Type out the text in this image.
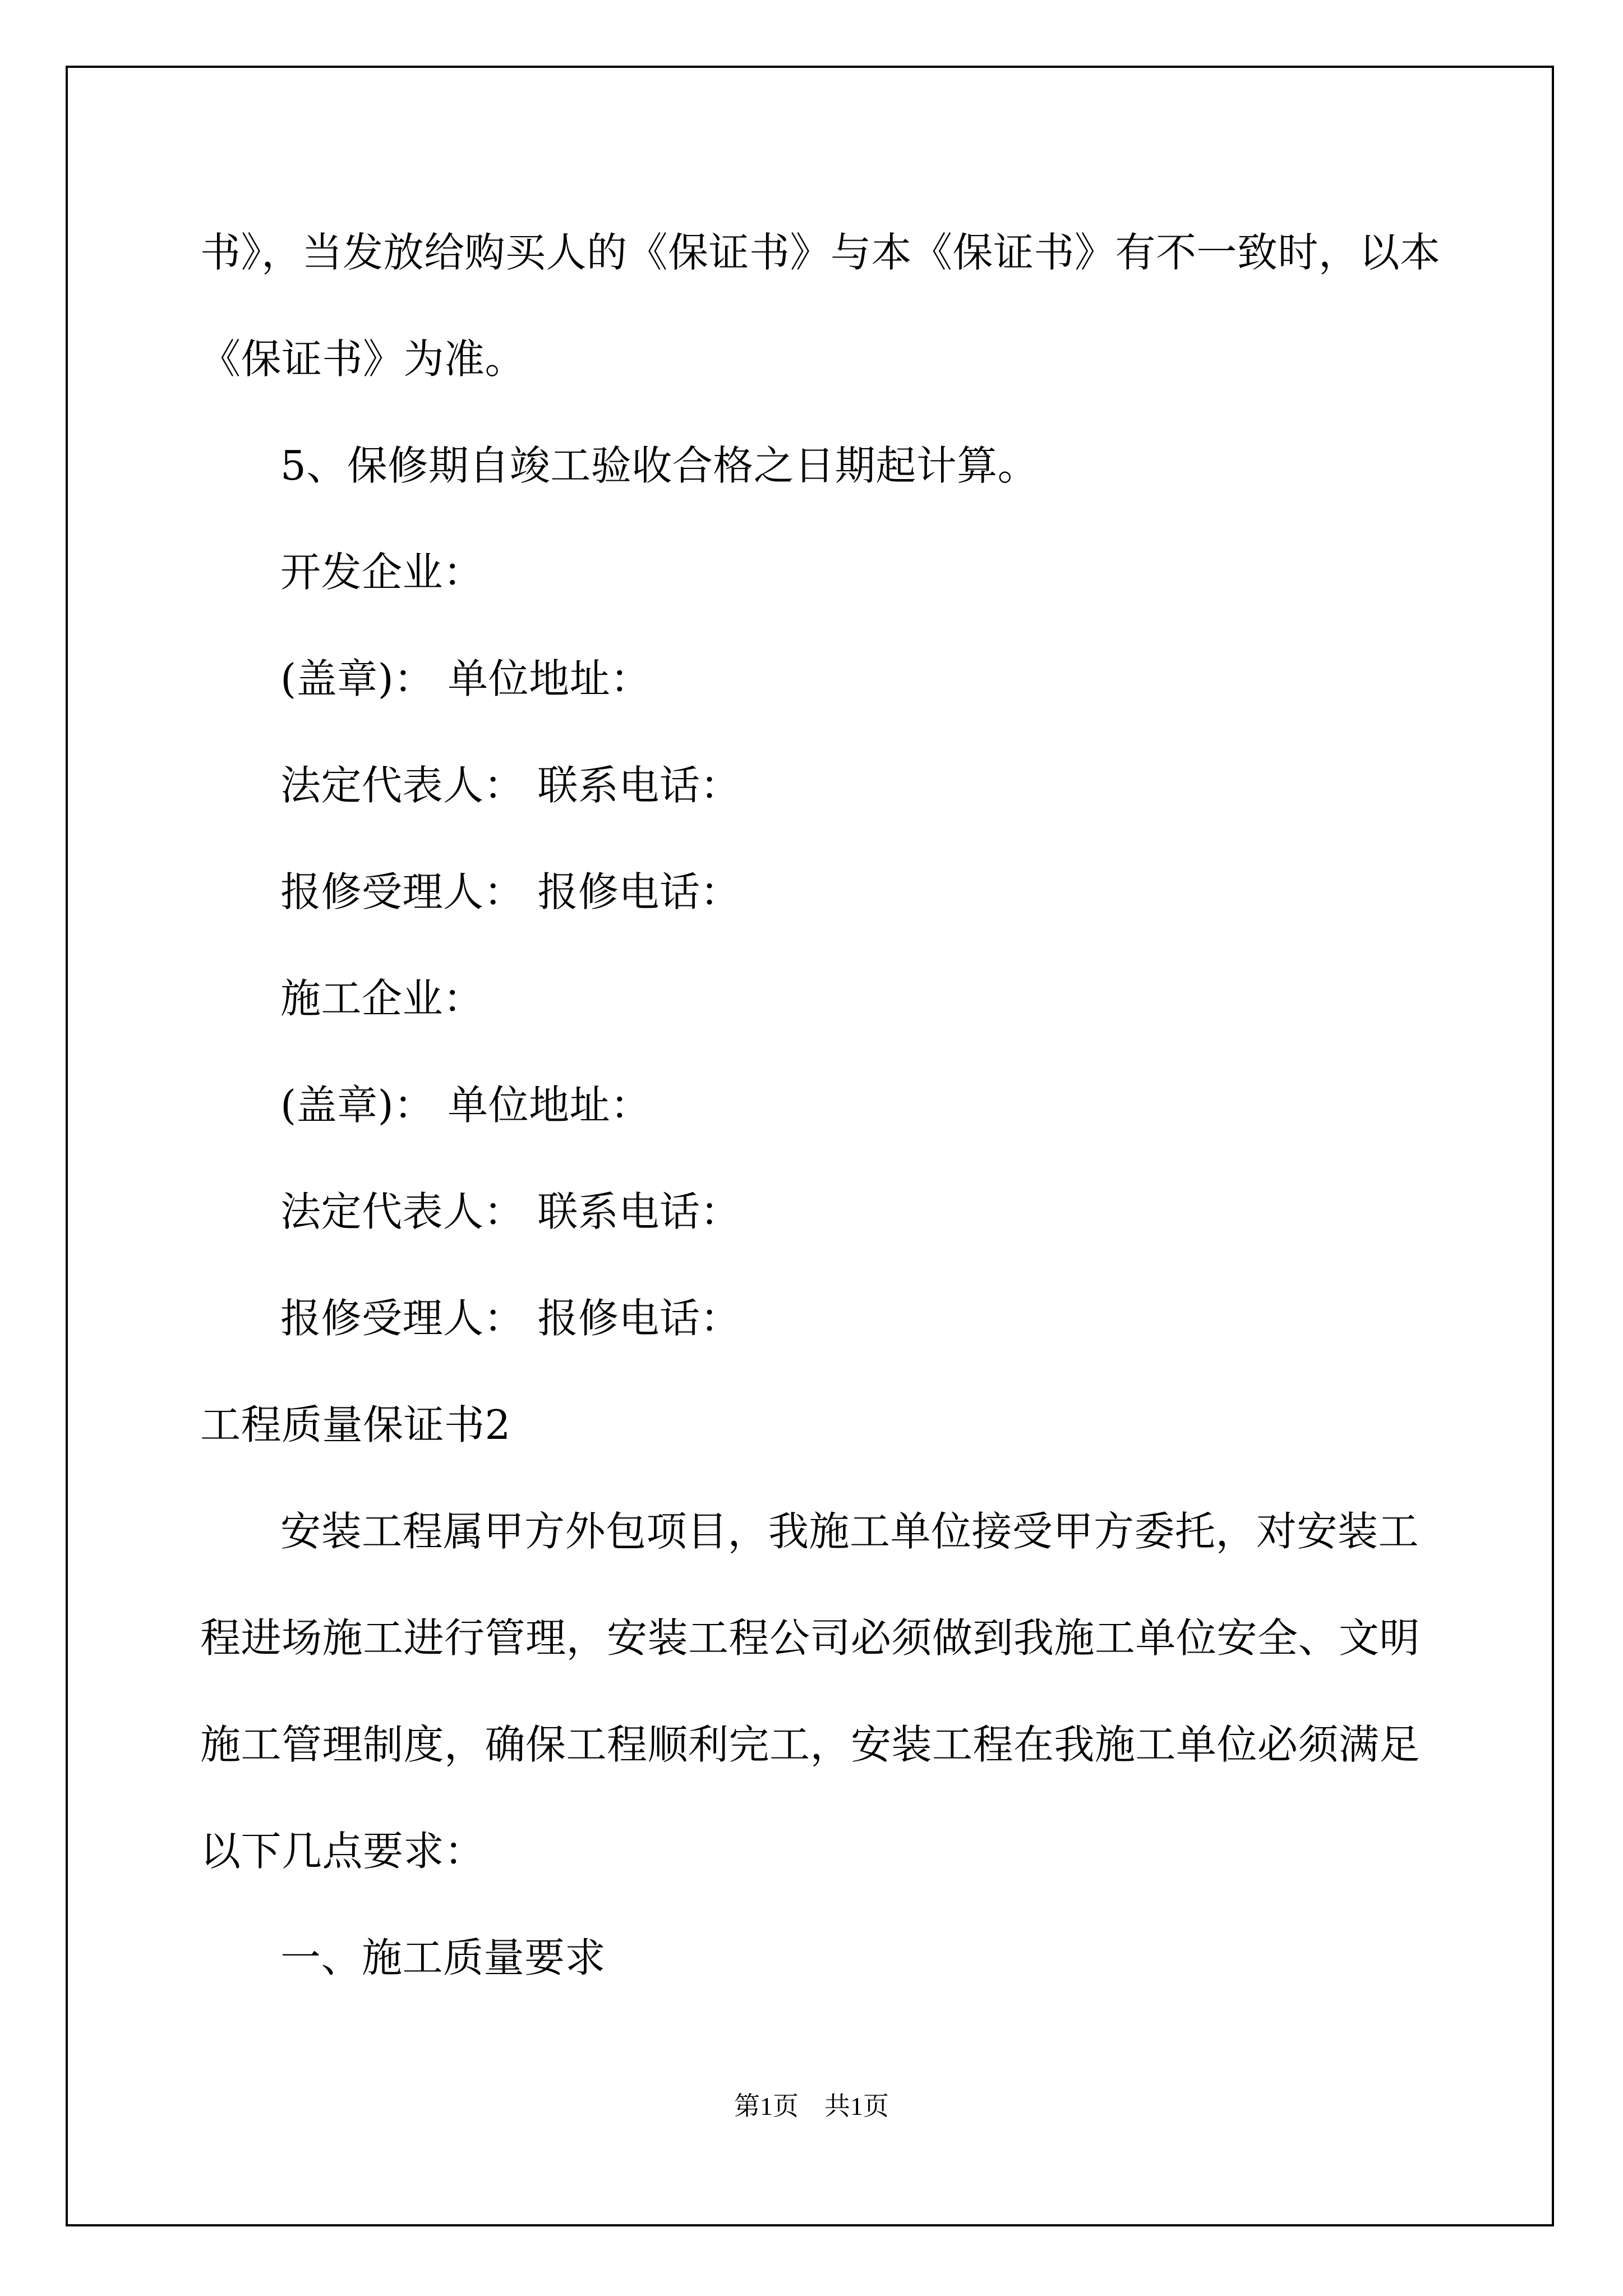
书》，当发放给购买人的《保证书》与本《保证书》有不一致时，以本
《保证书》为准。
5、保修期自竣工验收合格之日期起计算。
开发企业：
(盖章)： 单位地址：
法定代表人： 联系电话：
报修受理人： 报修电话：
施工企业：
(盖章)： 单位地址：
法定代表人： 联系电话：
报修受理人： 报修电话：
工程质量保证书2
安装工程属甲方外包项目，我施工单位接受甲方委托，对安装工
程进场施工进行管理，安装工程公司必须做到我施工单位安全、文明
施工管理制度，确保工程顺利完工，安装工程在我施工单位必须满足
以下几点要求：
一、施工质量要求
第1页　共1页
